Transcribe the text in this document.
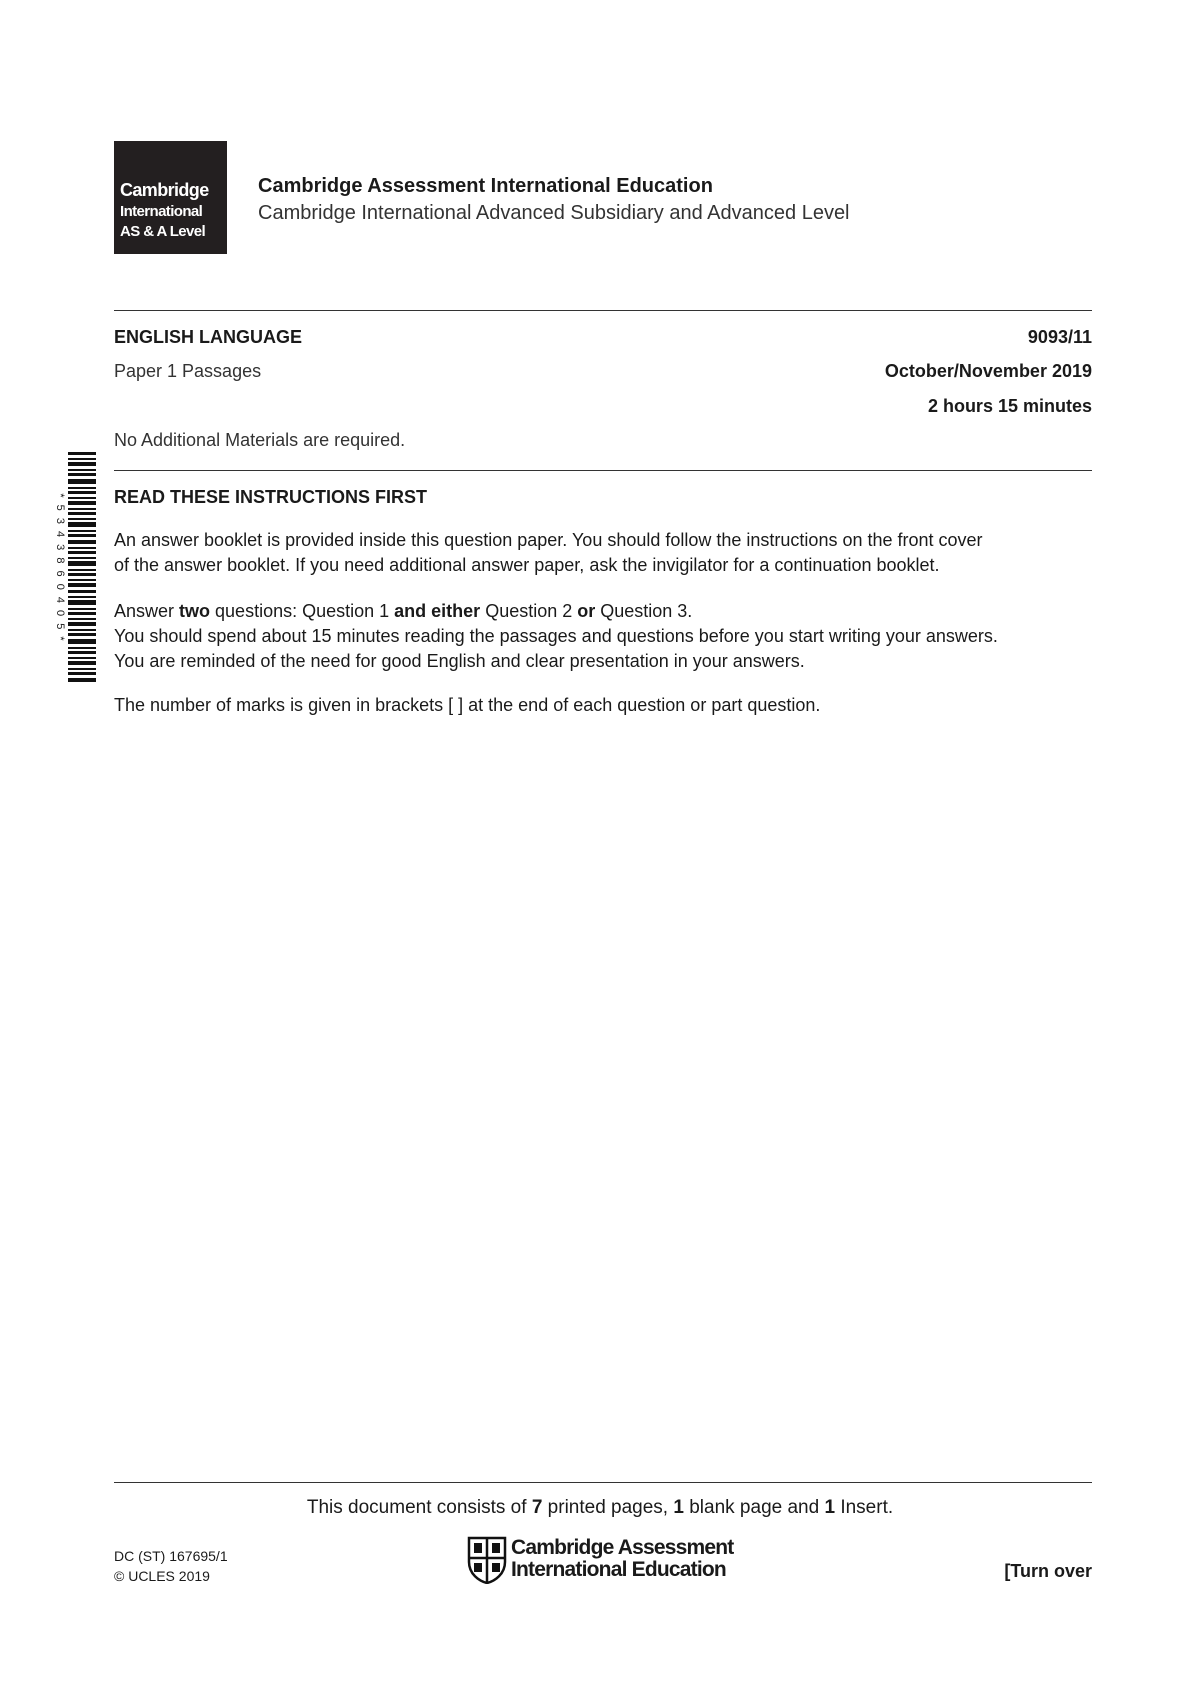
Cambridge
International
AS & A Level
Cambridge Assessment International Education
Cambridge International Advanced Subsidiary and Advanced Level
ENGLISH LANGUAGE	9093/11
Paper 1 Passages	October/November 2019
2 hours 15 minutes
No Additional Materials are required.
* 5 3 4 3 8 6 0 4 0 5 *	READ THESE INSTRUCTIONS FIRST

An answer booklet is provided inside this question paper. You should follow the instructions on the front cover

of the answer booklet. If you need additional answer paper, ask the invigilator for a continuation booklet.

Answer two questions: Question 1 and either Question 2 or Question 3.

You should spend about 15 minutes reading the passages and questions before you start writing your answers.

You are reminded of the need for good English and clear presentation in your answers.

The number of marks is given in brackets [ ] at the end of each question or part question.

This document consists of 7 printed pages, 1 blank page and 1 Insert.
DC (ST) 167695/1
© UCLES 2019
Cambridge Assessment
International Education	[Turn over
